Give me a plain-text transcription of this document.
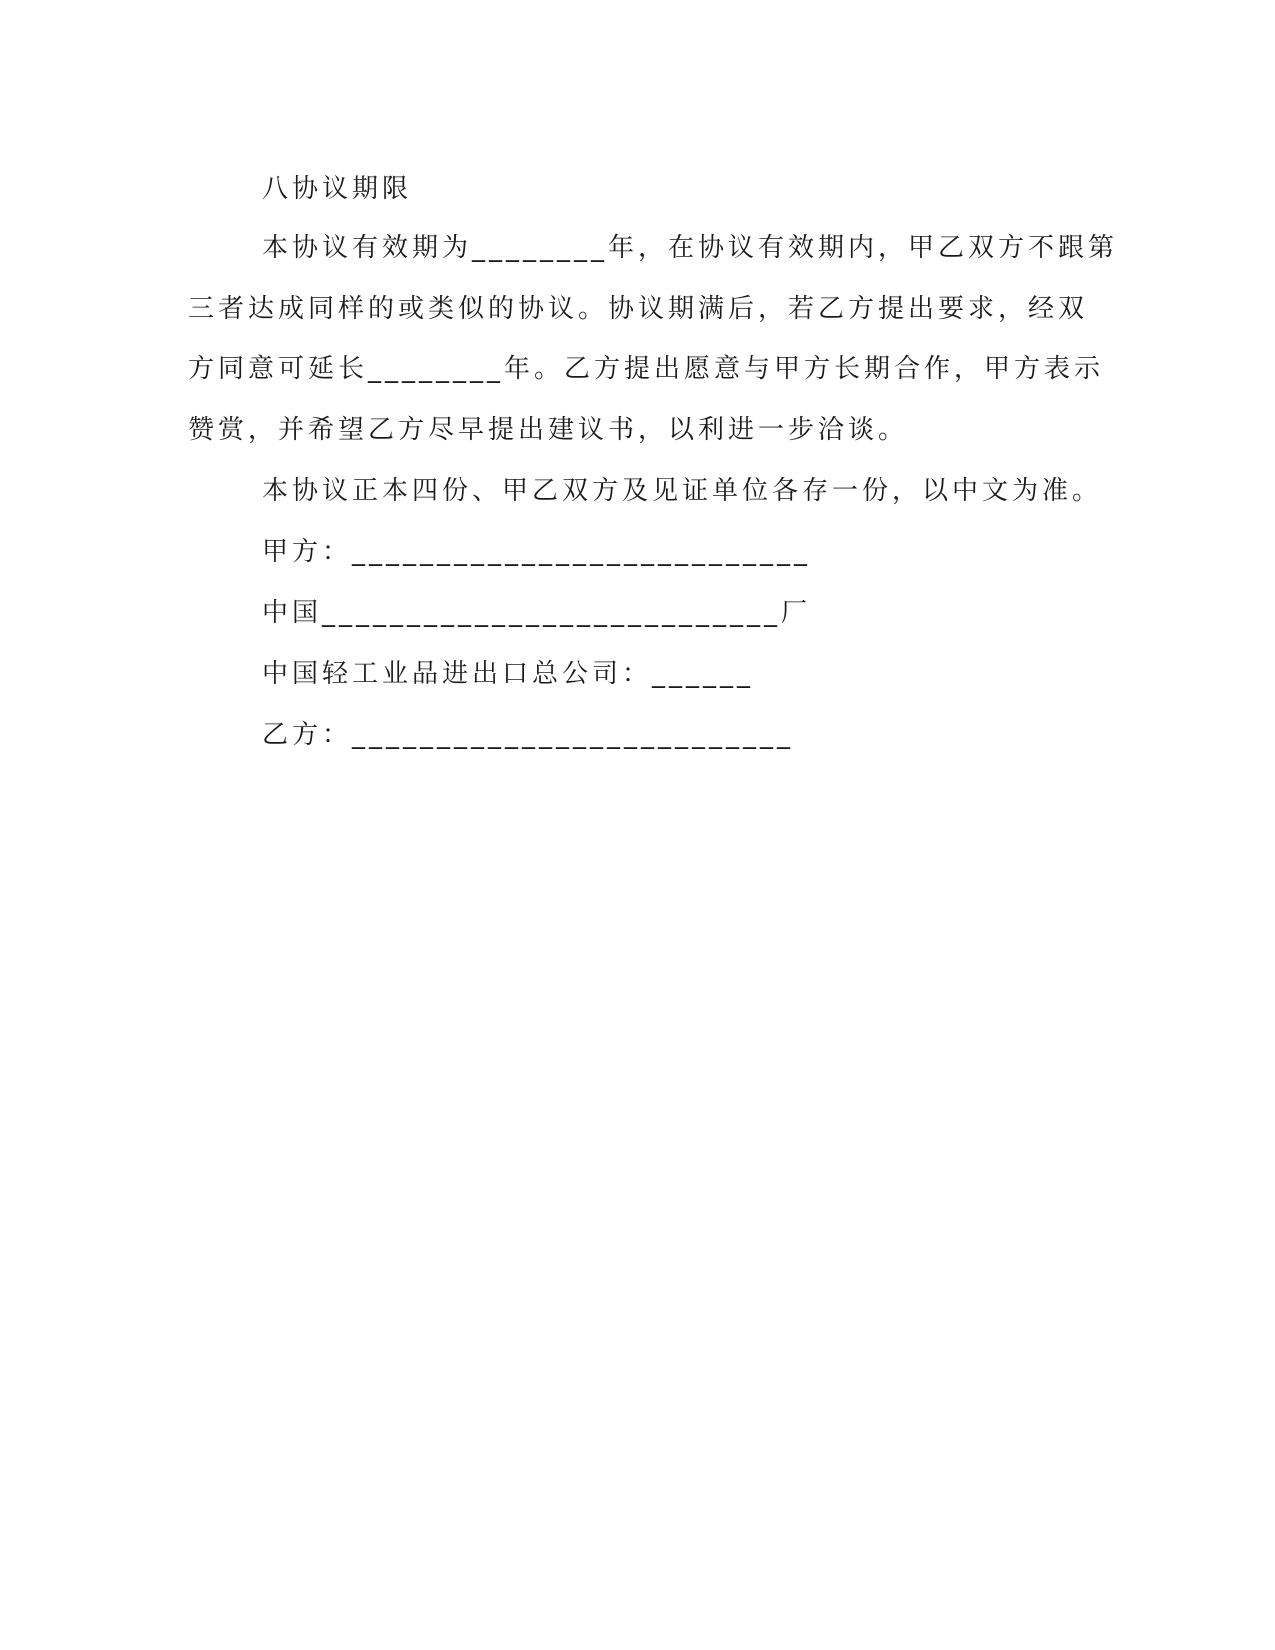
八协议期限
本协议有效期为________年，在协议有效期内，甲乙双方不跟第
三者达成同样的或类似的协议。协议期满后，若乙方提出要求，经双
方同意可延长________年。乙方提出愿意与甲方长期合作，甲方表示
赞赏，并希望乙方尽早提出建议书，以利进一步洽谈。
本协议正本四份、甲乙双方及见证单位各存一份，以中文为准。
甲方：___________________________
中国___________________________厂
中国轻工业品进出口总公司：______
乙方：__________________________
